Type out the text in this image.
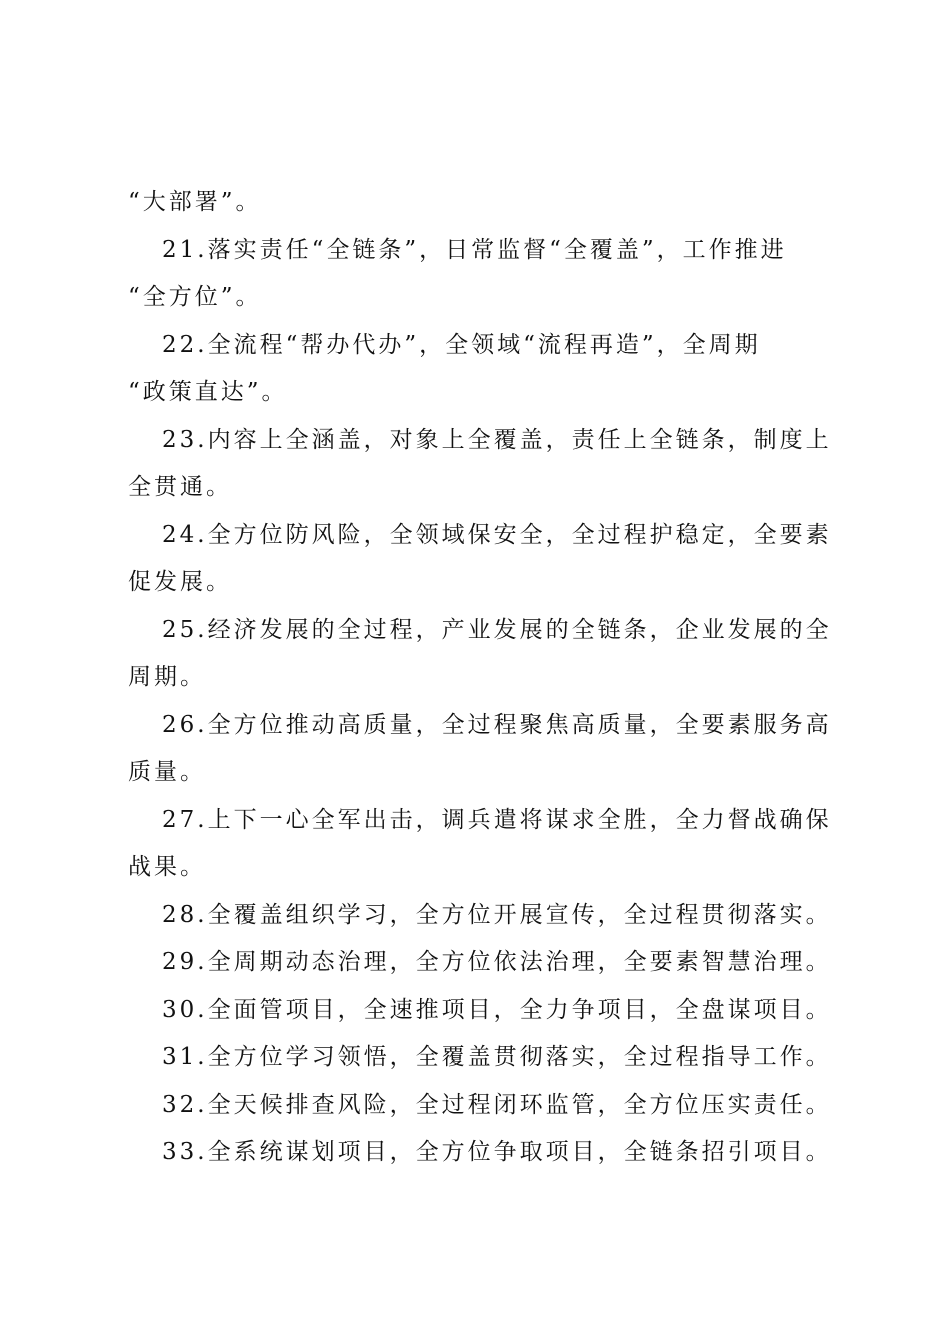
“大部署”。
21.落实责任“全链条”，日常监督“全覆盖”，工作推进
“全方位”。
22.全流程“帮办代办”，全领域“流程再造”，全周期
“政策直达”。
23.内容上全涵盖，对象上全覆盖，责任上全链条，制度上
全贯通。
24.全方位防风险，全领域保安全，全过程护稳定，全要素
促发展。
25.经济发展的全过程，产业发展的全链条，企业发展的全
周期。
26.全方位推动高质量，全过程聚焦高质量，全要素服务高
质量。
27.上下一心全军出击，调兵遣将谋求全胜，全力督战确保
战果。
28.全覆盖组织学习，全方位开展宣传，全过程贯彻落实。
29.全周期动态治理，全方位依法治理，全要素智慧治理。
30.全面管项目，全速推项目，全力争项目，全盘谋项目。
31.全方位学习领悟，全覆盖贯彻落实，全过程指导工作。
32.全天候排查风险，全过程闭环监管，全方位压实责任。
33.全系统谋划项目，全方位争取项目，全链条招引项目。
